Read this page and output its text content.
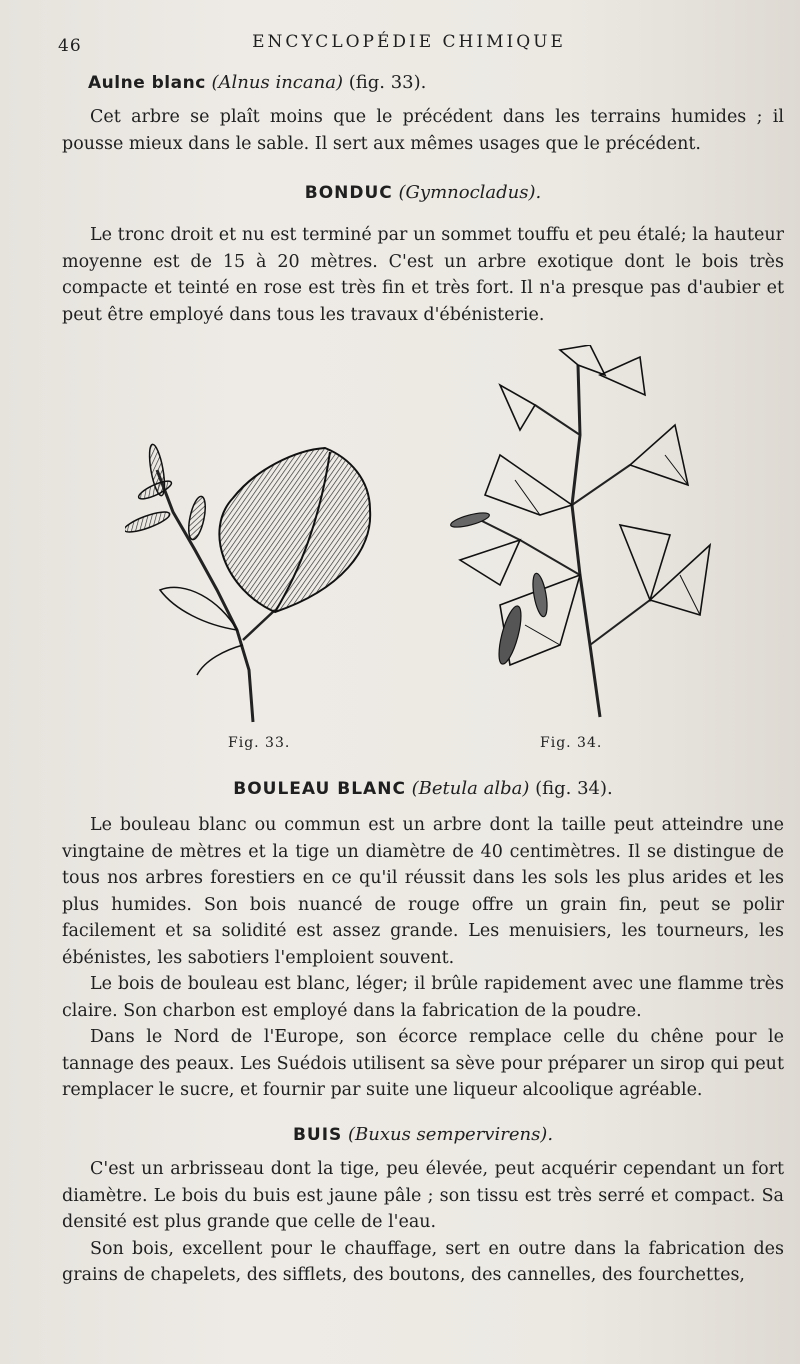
46	ENCYCLOPÉDIE CHIMIQUE
Aulne blanc (Alnus incana) (fig. 33).

Cet arbre se plaît moins que le précédent dans les terrains humides ; il pousse mieux dans le sable. Il sert aux mêmes usages que le précédent.

BONDUC (Gymnocladus).

Le tronc droit et nu est terminé par un sommet touffu et peu étalé; la hauteur moyenne est de 15 à 20 mètres. C'est un arbre exotique dont le bois très compacte et teinté en rose est très fin et très fort. Il n'a presque pas d'aubier et peut être employé dans tous les travaux d'ébénisterie.

Fig. 33.	Fig. 34.
BOULEAU BLANC (Betula alba) (fig. 34).

Le bouleau blanc ou commun est un arbre dont la taille peut atteindre une vingtaine de mètres et la tige un diamètre de 40 centimètres. Il se distingue de tous nos arbres forestiers en ce qu'il réussit dans les sols les plus arides et les plus humides. Son bois nuancé de rouge offre un grain fin, peut se polir facilement et sa solidité est assez grande. Les menuisiers, les tourneurs, les ébénistes, les sabotiers l'emploient souvent.

Le bois de bouleau est blanc, léger; il brûle rapidement avec une flamme très claire. Son charbon est employé dans la fabrication de la poudre.

Dans le Nord de l'Europe, son écorce remplace celle du chêne pour le tannage des peaux. Les Suédois utilisent sa sève pour préparer un sirop qui peut remplacer le sucre, et fournir par suite une liqueur alcoolique agréable.

BUIS (Buxus sempervirens).

C'est un arbrisseau dont la tige, peu élevée, peut acquérir cependant un fort diamètre. Le bois du buis est jaune pâle ; son tissu est très serré et compact. Sa densité est plus grande que celle de l'eau.

Son bois, excellent pour le chauffage, sert en outre dans la fabrication des grains de chapelets, des sifflets, des boutons, des cannelles, des fourchettes,
